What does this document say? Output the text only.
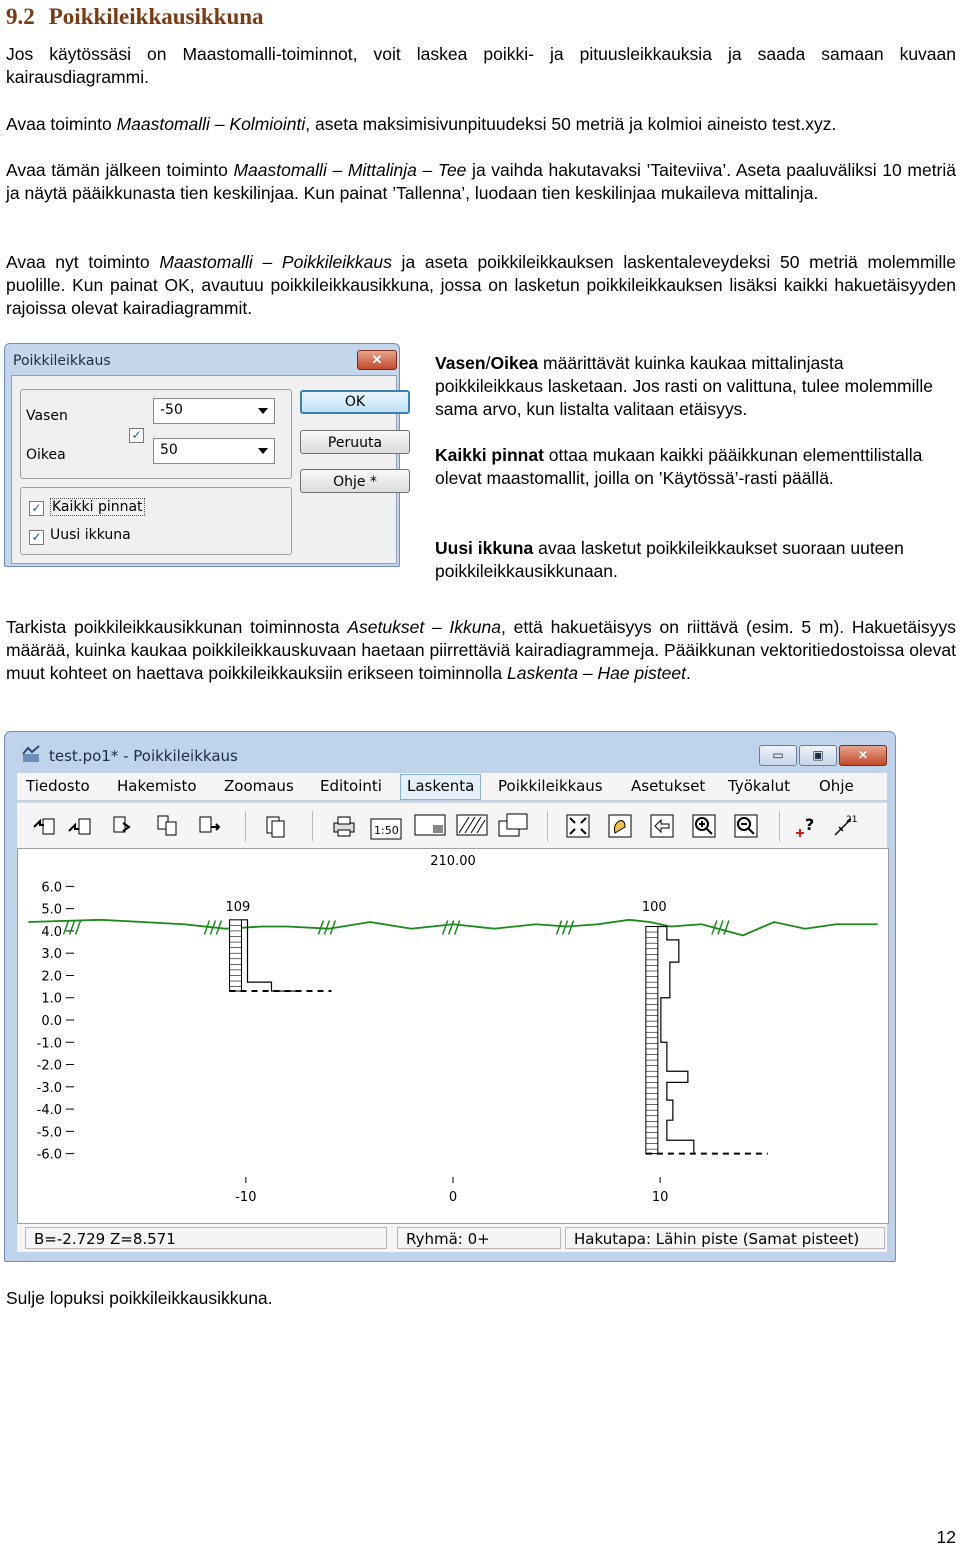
9.2 Poikkileikkausikkuna
Jos käytössäsi on Maastomalli-toiminnot, voit laskea poikki- ja pituusleikkauksia ja saada samaan kuvaan kairausdiagrammi.
Avaa toiminto Maastomalli – Kolmiointi, aseta maksimisivunpituudeksi 50 metriä ja kolmioi aineisto test.xyz.
Avaa tämän jälkeen toiminto Maastomalli – Mittalinja – Tee ja vaihda hakutavaksi ’Taiteviiva’. Aseta paaluväliksi 10 metriä ja näytä pääikkunasta tien keskilinjaa. Kun painat ’Tallenna’, luodaan tien keskilinjaa mukaileva mittalinja.
Avaa nyt toiminto Maastomalli – Poikkileikkaus ja aseta poikkileikkauksen laskentaleveydeksi 50 metriä molemmille puolille. Kun painat OK, avautuu poikkileikkausikkuna, jossa on lasketun poikkileikkauksen lisäksi kaikki hakuetäisyyden rajoissa olevat kairadiagrammit.
Poikkileikkaus	✕
Vasen
Oikea
✓
-50
50
OK
Peruuta
Ohje *
✓ Kaikki pinnat
✓ Uusi ikkuna
Vasen/Oikea määrittävät kuinka kaukaa mittalinjasta poikkileikkaus lasketaan. Jos rasti on valittuna, tulee molemmille sama arvo, kun listalta valitaan etäisyys.
Kaikki pinnat ottaa mukaan kaikki pääikkunan elementtilistalla olevat maastomallit, joilla on ’Käytössä’-rasti päällä.
Uusi ikkuna avaa lasketut poikkileikkaukset suoraan uuteen poikkileikkausikkunaan.
Tarkista poikkileikkausikkunan toiminnosta Asetukset – Ikkuna, että hakuetäisyys on riittävä (esim. 5 m). Hakuetäisyys määrää, kuinka kaukaa poikkileikkauskuvaan haetaan piirrettäviä kairadiagrammeja. Pääikkunan vektoritiedostoissa olevat muut kohteet on haettava poikkileikkauksiin erikseen toiminnolla Laskenta – Hae pisteet.
test.po1* - Poikkileikkaus	▭	▣	✕
Tiedosto Hakemisto Zoomaus Editointi	Laskenta	Poikkileikkaus Asetukset Työkalut Ohje
1:50	?	21
210.00
6.0
5.0
4.0
3.0
2.0
1.0
0.0
-1.0
-2.0
-3.0
-4.0
-5.0
-6.0
-10	0	10
109	100
B=-2.729 Z=8.571	Ryhmä: 0+	Hakutapa: Lähin piste (Samat pisteet)
Sulje lopuksi poikkileikkausikkuna.
12
